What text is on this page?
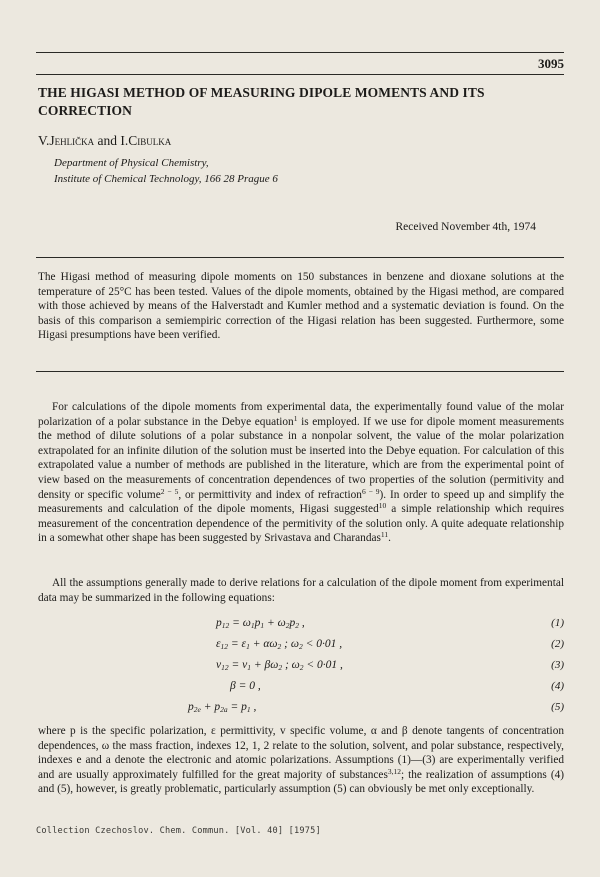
3095
THE HIGASI METHOD OF MEASURING DIPOLE MOMENTS AND ITS CORRECTION
V.Jehlička and I.Cibulka
Department of Physical Chemistry,
Institute of Chemical Technology, 166 28 Prague 6
Received November 4th, 1974

The Higasi method of measuring dipole moments on 150 substances in benzene and dioxane solutions at the temperature of 25°C has been tested. Values of the dipole moments, obtained by the Higasi method, are compared with those achieved by means of the Halverstadt and Kumler method and a systematic deviation is found. On the basis of this comparison a semiempiric correction of the Higasi relation has been suggested. Furthermore, some Higasi presumptions have been verified.

For calculations of the dipole moments from experimental data, the experimentally found value of the molar polarization of a polar substance in the Debye equation$^1$ is employed. If we use for dipole moment measurements the method of dilute solutions of a polar substance in a nonpolar solvent, the value of the molar polarization extrapolated for an infinite dilution of the solution must be inserted into the Debye equation. For calculation of this extrapolated value a number of methods are published in the literature, which are from the experimental point of view based on the measurements of concentration dependences of two properties of the solution (permitivity and density or specific volume$^{2 - 5}$, or permittivity and index of refraction$^{6 - 9}$). In order to speed up and simplify the measurements and calculation of the dipole moments, Higasi suggested$^{10}$ a simple relationship which requires measurement of the concentration dependence of the permitivity of the solution only. A quite adequate relationship in a somewhat other shape has been suggested by Srivastava and Charandas$^{11}$.

All the assumptions generally made to derive relations for a calculation of the dipole moment from experimental data may be summarized in the following equations:

$p_{12} = \omega_1p_1 + \omega_2p_2$ ,	(1)
$\varepsilon_{12} = \varepsilon_1 + \alpha\omega_2$ ; $\omega_2 < 0\cdot 01$ ,	(2)
$v_{12} = v_1 + \beta\omega_2$ ; $\omega_2 < 0\cdot 01$ ,	(3)
β = 0 ,	(4)
$p_{2e} + p_{2a} = p_1$ ,	(5)

where p is the specific polarization, ε permittivity, v specific volume, α and β denote tangents of concentration dependences, ω the mass fraction, indexes 12, 1, 2 relate to the solution, solvent, and polar substance, respectively, indexes e and a denote the electronic and atomic polarizations. Assumptions (1)—(3) are experimentally verified and are usually approximately fulfilled for the great majority of substances$^{3,12}$; the realization of assumptions (4) and (5), however, is greatly problematic, particularly assumption (5) can obviously be met only exceptionally.

Collection Czechoslov. Chem. Commun. [Vol. 40] [1975]
